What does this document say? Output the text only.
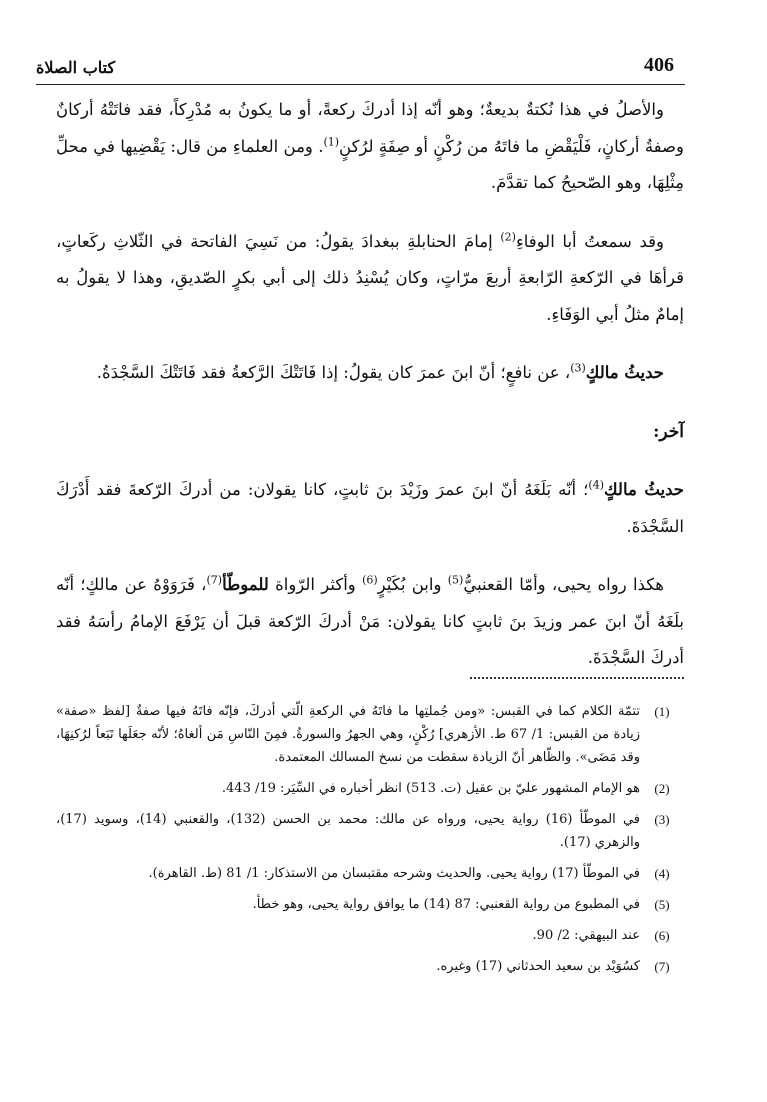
406
كتاب الصلاة

والأصلُ في هذا نُكتةٌ بديعةٌ؛ وهو أنّه إذا أدركَ ركعةً، أو ما يكونُ به مُدْرِكاً، فقد فاتَتْهُ أركانٌ وصفةُ أركانٍ، فَلْيَقْضِ ما فاتَهُ من رُكْنٍ أو صِفَةٍ لرُكنٍ$^{(1)}$. ومن العلماءِ من قال: يَقْضِيها في محلِّ مِثْلِهَا، وهو الصّحيحُ كما تقدَّمَ.

وقد سمعتُ أبا الوفاءِ$^{(2)}$ إمامَ الحنابلةِ ببغدادَ يقولُ: من نَسِيَ الفاتحة في الثّلاثِ ركَعاتٍ، قرأهَا في الرّكعةِ الرّابعةِ أربعَ مرّاتٍ، وكان يُسْنِدُ ذلك إلى أبي بكرٍ الصّديقِ، وهذا لا يقولُ به إمامٌ مثلُ أبي الوَفَاءِ.

حديثُ مالكٍ$^{(3)}$، عن نافعٍ؛ أنّ ابنَ عمرَ كان يقولُ: إذا فَاتَتْكَ الرَّكعةُ فقد فَاتَتْكَ السَّجْدَةُ.

آخر:

حديثُ مالكٍ$^{(4)}$؛ أنّه بَلَغَهُ أنّ ابنَ عمرَ وزَيْدَ بنَ ثابتٍ، كانا يقولان: من أدركَ الرّكعةَ فقد أَدْرَكَ السَّجْدَةَ.

هكذا رواه يحيى، وأمّا القعنبيُّ$^{(5)}$ وابن بُكَيْرٍ$^{(6)}$ وأكثر الرّواة للموطّأ$^{(7)}$، فَرَوَوْهُ عن مالكٍ؛ أنّه بلَغَهُ أنّ ابنَ عمر وزيدَ بنَ ثابتٍ كانا يقولان: مَنْ أدركَ الرّكعة قبلَ أن يَرْفَعَ الإمامُ رأسَهُ فقد أدركَ السَّجْدَةَ.

(1)
تتمّة الكلام كما في القبس: «ومن جُملتِها ما فاتَهُ في الركعةِ الّتي أدركَ، فإنّه فاتَهُ فيها صفةٌ [لفظ «صفة» زيادة من القبس: 1/ 67 ط. الأزهري] رُكْنٍ، وهي الجهرُ والسورةُ. فمِنَ النّاسِ مَن ألغاهُ؛ لأنّه جعَلَها تَبَعاً لرُكنِهَا، وقد مَضَى». والظّاهر أنّ الزيادة سقطت من نسخ المسالك المعتمدة.
(2)
هو الإمام المشهور عليّ بن عقيل (ت. 513) انظر أخباره في السِّيَر: 19/ 443.
(3)
في الموطّأ (16) رواية يحيى، ورواه عن مالك: محمد بن الحسن (132)، والقعنبي (14)، وسويد (17)، والزهري (17).
(4)
في الموطّأ (17) رواية يحيى. والحديث وشرحه مقتبسان من الاستذكار: 1/ 81 (ط. القاهرة).
(5)
في المطبوع من رواية القعنبي: 87 (14) ما يوافق رواية يحيى، وهو خطأ.
(6)
عند البيهقي: 2/ 90.
(7)
كسُوَيْد بن سعيد الحدثاني (17) وغيره.
